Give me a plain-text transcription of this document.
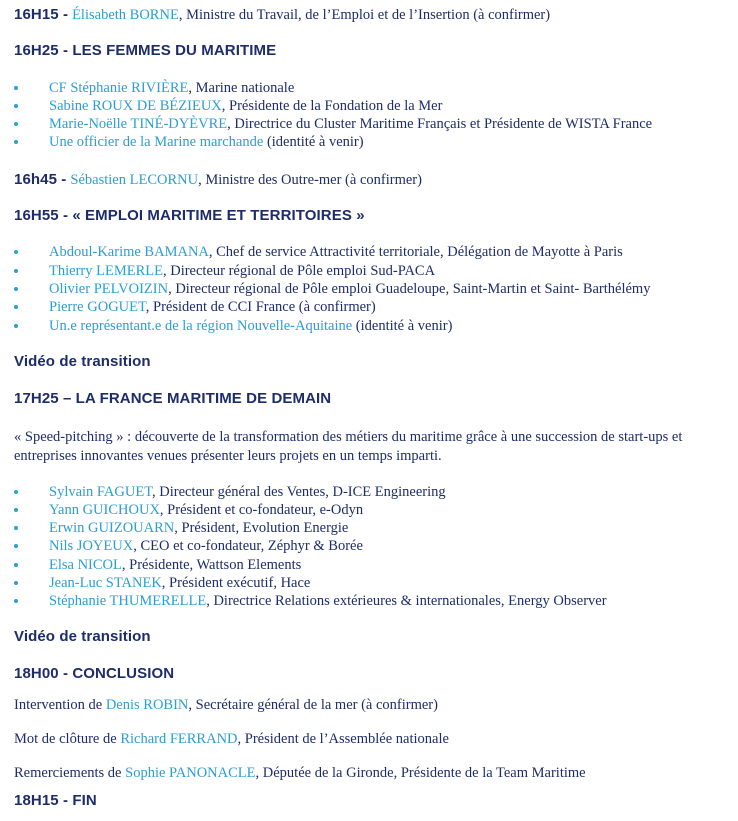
16H15 - Élisabeth BORNE, Ministre du Travail, de l’Emploi et de l’Insertion (à confirmer)
16H25 - LES FEMMES DU MARITIME
CF Stéphanie RIVIÈRE, Marine nationale
Sabine ROUX DE BÉZIEUX, Présidente de la Fondation de la Mer
Marie-Noëlle TINÉ-DYÈVRE, Directrice du Cluster Maritime Français et Présidente de WISTA France
Une officier de la Marine marchande (identité à venir)
16h45 - Sébastien LECORNU, Ministre des Outre-mer (à confirmer)
16H55 - « EMPLOI MARITIME ET TERRITOIRES »
Abdoul-Karime BAMANA, Chef de service Attractivité territoriale, Délégation de Mayotte à Paris
Thierry LEMERLE, Directeur régional de Pôle emploi Sud-PACA
Olivier PELVOIZIN, Directeur régional de Pôle emploi Guadeloupe, Saint-Martin et Saint- Barthélémy
Pierre GOGUET, Président de CCI France (à confirmer)
Un.e représentant.e de la région Nouvelle-Aquitaine (identité à venir)
Vidéo de transition
17H25 – LA FRANCE MARITIME DE DEMAIN
« Speed-pitching » : découverte de la transformation des métiers du maritime grâce à une succession de start-ups et entreprises innovantes venues présenter leurs projets en un temps imparti.
Sylvain FAGUET, Directeur général des Ventes, D-ICE Engineering
Yann GUICHOUX, Président et co-fondateur, e-Odyn
Erwin GUIZOUARN, Président, Evolution Energie
Nils JOYEUX, CEO et co-fondateur, Zéphyr & Borée
Elsa NICOL, Présidente, Wattson Elements
Jean-Luc STANEK, Président exécutif, Hace
Stéphanie THUMERELLE, Directrice Relations extérieures & internationales, Energy Observer
Vidéo de transition
18H00 - CONCLUSION
Intervention de Denis ROBIN, Secrétaire général de la mer (à confirmer)
Mot de clôture de Richard FERRAND, Président de l’Assemblée nationale
Remerciements de Sophie PANONACLE, Députée de la Gironde, Présidente de la Team Maritime
18H15 - FIN
